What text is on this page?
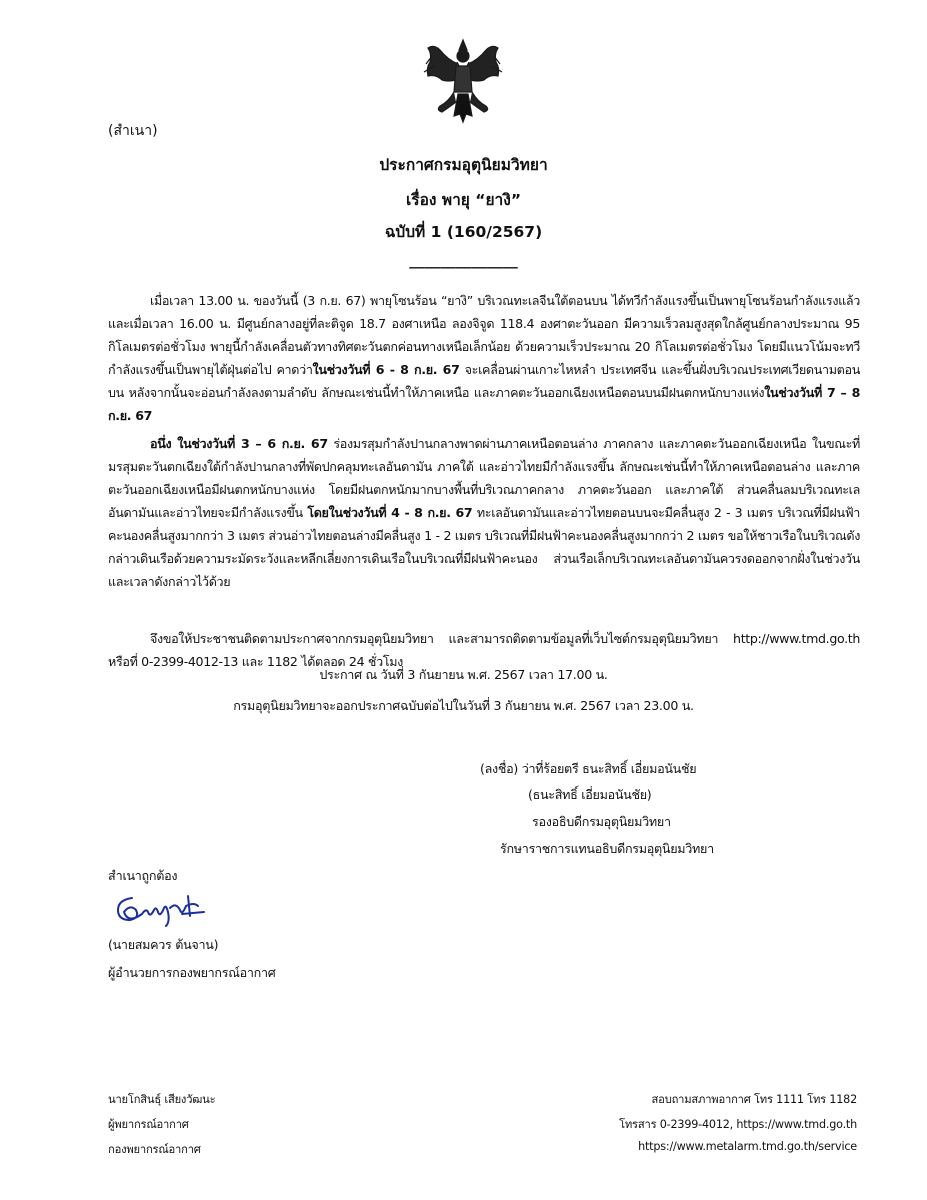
(สำเนา)
ประกาศกรมอุตุนิยมวิทยา
เรื่อง พายุ “ยางิ”
ฉบับที่ 1 (160/2567)
______________
เมื่อเวลา 13.00 น. ของวันนี้ (3 ก.ย. 67) พายุโซนร้อน “ยางิ” บริเวณทะเลจีนใต้ตอนบน ได้ทวีกำลังแรงขึ้นเป็นพายุโซนร้อนกำลังแรงแล้ว และเมื่อเวลา 16.00 น. มีศูนย์กลางอยู่ที่ละติจูด 18.7 องศาเหนือ ลองจิจูด 118.4 องศาตะวันออก มีความเร็วลมสูงสุดใกล้ศูนย์กลางประมาณ 95 กิโลเมตรต่อชั่วโมง พายุนี้กำลังเคลื่อนตัวทางทิศตะวันตกค่อนทางเหนือเล็กน้อย ด้วยความเร็วประมาณ 20 กิโลเมตรต่อชั่วโมง โดยมีแนวโน้มจะทวีกำลังแรงขึ้นเป็นพายุไต้ฝุ่นต่อไป คาดว่าในช่วงวันที่ 6 - 8 ก.ย. 67 จะเคลื่อนผ่านเกาะไหหลำ ประเทศจีน และขึ้นฝั่งบริเวณประเทศเวียดนามตอนบน หลังจากนั้นจะอ่อนกำลังลงตามลำดับ ลักษณะเช่นนี้ทำให้ภาคเหนือ และภาคตะวันออกเฉียงเหนือตอนบนมีฝนตกหนักบางแห่งในช่วงวันที่ 7 – 8 ก.ย. 67
อนึ่ง ในช่วงวันที่ 3 – 6 ก.ย. 67 ร่องมรสุมกำลังปานกลางพาดผ่านภาคเหนือตอนล่าง ภาคกลาง และภาคตะวันออกเฉียงเหนือ ในขณะที่มรสุมตะวันตกเฉียงใต้กำลังปานกลางที่พัดปกคลุมทะเลอันดามัน ภาคใต้ และอ่าวไทยมีกำลังแรงขึ้น ลักษณะเช่นนี้ทำให้ภาคเหนือตอนล่าง และภาคตะวันออกเฉียงเหนือมีฝนตกหนักบางแห่ง โดยมีฝนตกหนักมากบางพื้นที่บริเวณภาคกลาง ภาคตะวันออก และภาคใต้ ส่วนคลื่นลมบริเวณทะเลอันดามันและอ่าวไทยจะมีกำลังแรงขึ้น โดยในช่วงวันที่ 4 - 8 ก.ย. 67 ทะเลอันดามันและอ่าวไทยตอนบนจะมีคลื่นสูง 2 - 3 เมตร บริเวณที่มีฝนฟ้าคะนองคลื่นสูงมากกว่า 3 เมตร ส่วนอ่าวไทยตอนล่างมีคลื่นสูง 1 - 2 เมตร บริเวณที่มีฝนฟ้าคะนองคลื่นสูงมากกว่า 2 เมตร ขอให้ชาวเรือในบริเวณดังกล่าวเดินเรือด้วยความระมัดระวังและหลีกเลี่ยงการเดินเรือในบริเวณที่มีฝนฟ้าคะนอง ส่วนเรือเล็กบริเวณทะเลอันดามันควรงดออกจากฝั่งในช่วงวันและเวลาดังกล่าวไว้ด้วย
จึงขอให้ประชาชนติดตามประกาศจากกรมอุตุนิยมวิทยา และสามารถติดตามข้อมูลที่เว็บไซต์กรมอุตุนิยมวิทยา http://www.tmd.go.th หรือที่ 0-2399-4012-13 และ 1182 ได้ตลอด 24 ชั่วโมง
ประกาศ ณ วันที่ 3 กันยายน พ.ศ. 2567 เวลา 17.00 น.
กรมอุตุนิยมวิทยาจะออกประกาศฉบับต่อไปในวันที่ 3 กันยายน พ.ศ. 2567 เวลา 23.00 น.
(ลงชื่อ) ว่าที่ร้อยตรี ธนะสิทธิ์ เอี่ยมอนันชัย
(ธนะสิทธิ์ เอี่ยมอนันชัย)
รองอธิบดีกรมอุตุนิยมวิทยา
รักษาราชการแทนอธิบดีกรมอุตุนิยมวิทยา
สำเนาถูกต้อง
(นายสมควร ต้นจาน)
ผู้อำนวยการกองพยากรณ์อากาศ
นายโกสินธุ์ เสียงวัฒนะ
ผู้พยากรณ์อากาศ
กองพยากรณ์อากาศ
สอบถามสภาพอากาศ โทร 1111 โทร 1182
โทรสาร 0-2399-4012, https://www.tmd.go.th
https://www.metalarm.tmd.go.th/service
